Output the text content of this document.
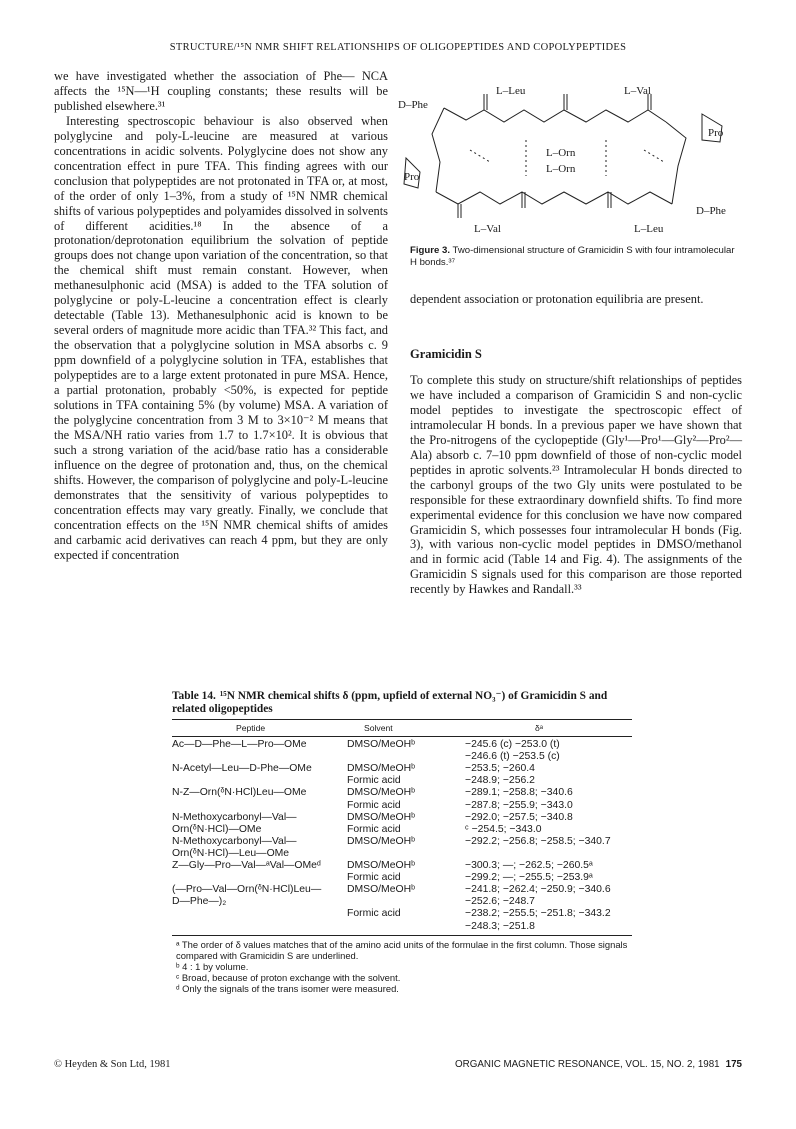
STRUCTURE/¹⁵N NMR SHIFT RELATIONSHIPS OF OLIGOPEPTIDES AND COPOLYPEPTIDES

we have investigated whether the association of Phe— NCA affects the ¹⁵N—¹H coupling constants; these results will be published elsewhere.³¹

Interesting spectroscopic behaviour is also observed when polyglycine and poly-L-leucine are measured at various concentrations in acidic solvents. Polyglycine does not show any concentration effect in pure TFA. This finding agrees with our conclusion that polypeptides are not protonated in TFA or, at most, of the order of only 1–3%, from a study of ¹⁵N NMR chemical shifts of various polypeptides and polyamides dissolved in solvents of different acidities.¹⁸ In the absence of a protonation/deprotonation equilibrium the solvation of peptide groups does not change upon variation of the concentration, so that the chemical shift must remain constant. However, when methanesulphonic acid (MSA) is added to the TFA solution of polyglycine or poly-L-leucine a concentration effect is clearly detectable (Table 13). Methanesulphonic acid is known to be several orders of magnitude more acidic than TFA.³² This fact, and the observation that a polyglycine solution in MSA absorbs c. 9 ppm downfield of a polyglycine solution in TFA, establishes that polypeptides are to a large extent protonated in pure MSA. Hence, a partial protonation, probably <50%, is expected for peptide solutions in TFA containing 5% (by volume) MSA. A variation of the polyglycine concentration from 3 M to 3×10⁻² M means that the MSA/NH ratio varies from 1.7 to 1.7×10². It is obvious that such a strong variation of the acid/base ratio has a considerable influence on the degree of protonation and, thus, on the chemical shifts. However, the comparison of polyglycine and poly-L-leucine demonstrates that the sensitivity of various polypeptides to concentration effects may vary greatly. Finally, we conclude that concentration effects on the ¹⁵N NMR chemical shifts of amides and carbamic acid derivatives can reach 4 ppm, but they are only expected if concentration

D–Phe
L–Leu	L–Val
L–Orn
L–Orn
Pro
Pro
L–Val	L–Leu
D–Phe
Figure 3. Two-dimensional structure of Gramicidin S with four intramolecular H bonds.³⁷

dependent association or protonation equilibria are present.

Gramicidin S

To complete this study on structure/shift relationships of peptides we have included a comparison of Gramicidin S and non-cyclic model peptides to investigate the spectroscopic effect of intramolecular H bonds. In a previous paper we have shown that the Pro-nitrogens of the cyclopeptide (Gly¹—Pro¹—Gly²—Pro²—Ala) absorb c. 7–10 ppm downfield of those of non-cyclic model peptides in aprotic solvents.²³ Intramolecular H bonds directed to the carbonyl groups of the two Gly units were postulated to be responsible for these extraordinary downfield shifts. To find more experimental evidence for this conclusion we have now compared Gramicidin S, which possesses four intramolecular H bonds (Fig. 3), with various non-cyclic model peptides in DMSO/methanol and in formic acid (Table 14 and Fig. 4). The assignments of the Gramicidin S signals used for this comparison are those reported recently by Hawkes and Randall.³³

Table 14. ¹⁵N NMR chemical shifts δ (ppm, upfield of external NO₃⁻) of Gramicidin S and related oligopeptides
Peptide	Solvent	δᵃ
Ac—D—Phe—L—Pro—OMe	DMSO/MeOHᵇ	−245.6 (c) −253.0 (t)
−246.6 (t) −253.5 (c)
N-Acetyl—Leu—D-Phe—OMe	DMSO/MeOHᵇ	−253.5; −260.4
Formic acid	−248.9; −256.2
N-Z—Orn(ᵟN·HCl)Leu—OMe	DMSO/MeOHᵇ	−289.1; −258.8; −340.6
Formic acid	−287.8; −255.9; −343.0
N-Methoxycarbonyl—Val—	DMSO/MeOHᵇ	−292.0; −257.5; −340.8
Orn(ᵟN·HCl)—OMe	Formic acid	ᶜ −254.5; −343.0
N-Methoxycarbonyl—Val—	DMSO/MeOHᵇ	−292.2; −256.8; −258.5; −340.7
Orn(ᵟN·HCl)—Leu—OMe
Z—Gly—Pro—Val—ᵃVal—OMeᵈ	DMSO/MeOHᵇ	−300.3; —; −262.5; −260.5ᵃ
Formic acid	−299.2; —; −255.5; −253.9ᵃ
(—Pro—Val—Orn(ᵟN·HCl)Leu—	DMSO/MeOHᵇ	−241.8; −262.4; −250.9; −340.6
D—Phe—)₂	−252.6; −248.7
Formic acid	−238.2; −255.5; −251.8; −343.2
−248.3; −251.8

ᵃ The order of δ values matches that of the amino acid units of the formulae in the first column. Those signals compared with Gramicidin S are underlined.

ᵇ 4 : 1 by volume.

ᶜ Broad, because of proton exchange with the solvent.

ᵈ Only the signals of the trans isomer were measured.

© Heyden & Son Ltd, 1981	ORGANIC MAGNETIC RESONANCE, VOL. 15, NO. 2, 1981 175
